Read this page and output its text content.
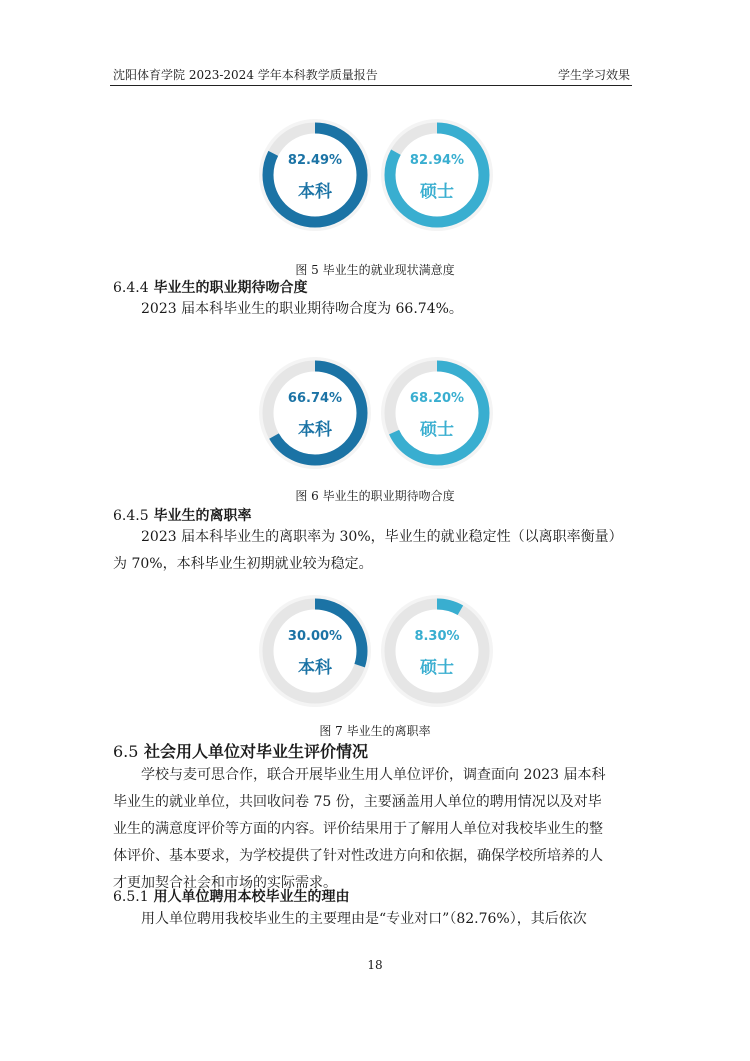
沈阳体育学院 2023-2024 学年本科教学质量报告	学生学习效果
82.49%
本科
82.94%
硕士
图 5 毕业生的就业现状满意度
6.4.4 毕业生的职业期待吻合度
2023 届本科毕业生的职业期待吻合度为 66.74%。
66.74%
本科
68.20%
硕士
图 6 毕业生的职业期待吻合度
6.4.5 毕业生的离职率
2023 届本科毕业生的离职率为 30%，毕业生的就业稳定性（以离职率衡量）
为 70%，本科毕业生初期就业较为稳定。
30.00%
本科
8.30%
硕士
图 7 毕业生的离职率
6.5 社会用人单位对毕业生评价情况
学校与麦可思合作，联合开展毕业生用人单位评价，调查面向 2023 届本科
毕业生的就业单位，共回收问卷 75 份，主要涵盖用人单位的聘用情况以及对毕
业生的满意度评价等方面的内容。评价结果用于了解用人单位对我校毕业生的整
体评价、基本要求，为学校提供了针对性改进方向和依据，确保学校所培养的人
才更加契合社会和市场的实际需求。
6.5.1 用人单位聘用本校毕业生的理由
用人单位聘用我校毕业生的主要理由是“专业对口”（82.76%），其后依次
18
